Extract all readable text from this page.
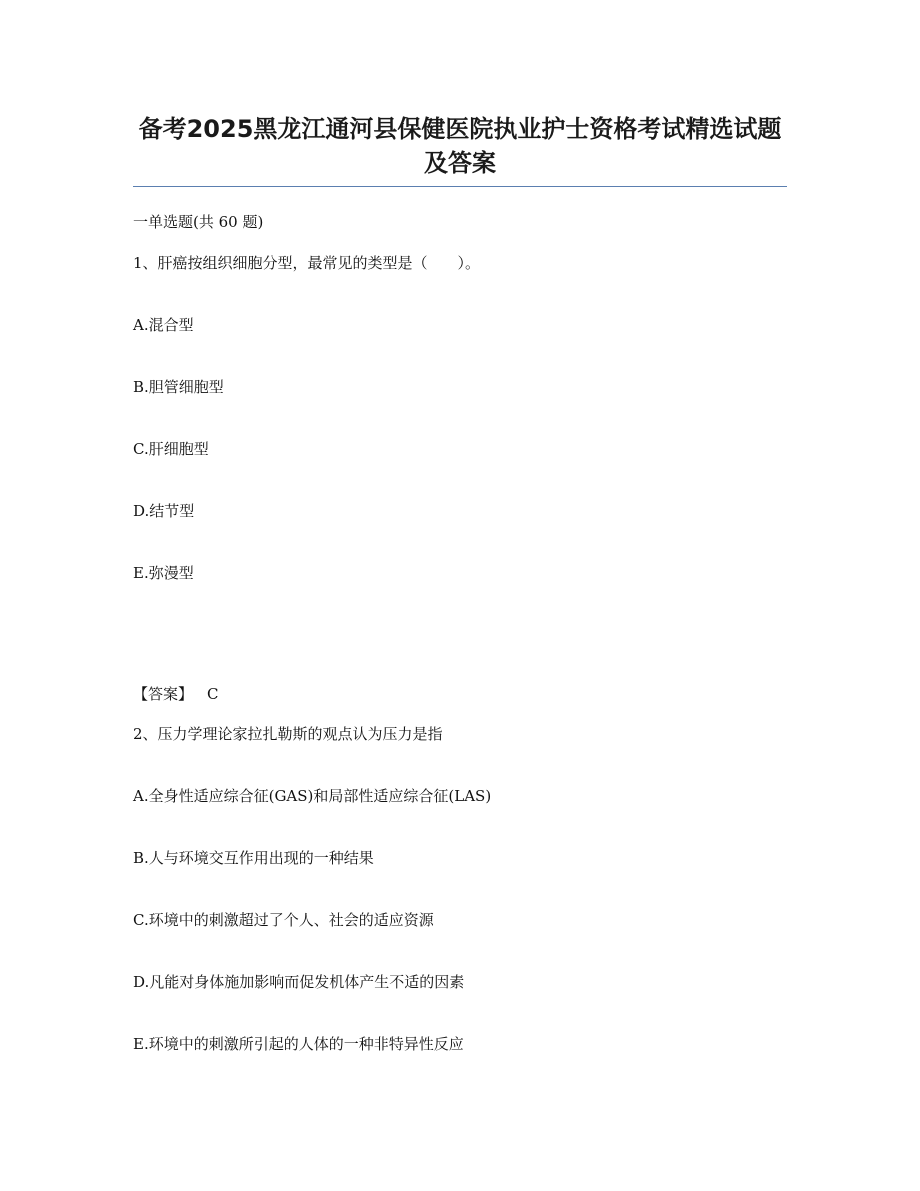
备考2025黑龙江通河县保健医院执业护士资格考试精选试题及答案
一单选题(共 60 题)
1、肝癌按组织细胞分型，最常见的类型是（　　）。
A.混合型
B.胆管细胞型
C.肝细胞型
D.结节型
E.弥漫型
【答案】 C
2、压力学理论家拉扎勒斯的观点认为压力是指
A.全身性适应综合征(GAS)和局部性适应综合征(LAS)
B.人与环境交互作用出现的一种结果
C.环境中的刺激超过了个人、社会的适应资源
D.凡能对身体施加影响而促发机体产生不适的因素
E.环境中的刺激所引起的人体的一种非特异性反应
